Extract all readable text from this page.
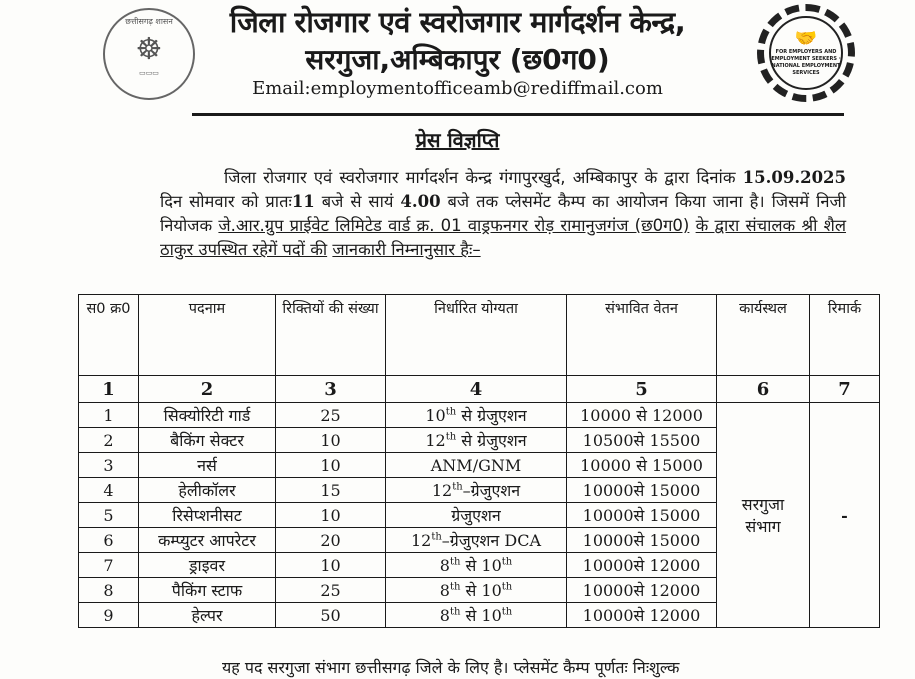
छत्तीसगढ़ शासन
☸
▭▭▭
जिला रोजगार एवं स्वरोजगार मार्गदर्शन केन्द्र,
सरगुजा,अम्बिकापुर (छ0ग0)
Email:employmentofficeamb@rediffmail.com
🤝
FOR EMPLOYERS AND EMPLOYMENT SEEKERS · NATIONAL EMPLOYMENT SERVICES
प्रेस विज्ञप्ति
जिला रोजगार एवं स्वरोजगार मार्गदर्शन केन्द्र गंगापुरखुर्द, अम्बिकापुर के द्वारा दिनांक 15.09.2025 दिन सोमवार को प्रातः11 बजे से सायं 4.00 बजे तक प्लेसमेंट कैम्प का आयोजन किया जाना है। जिसमें निजी नियोजक जे.आर.ग्रुप प्राईवेट लिमिटेड वार्ड क्र. 01 वाड्रफनगर रोड़ रामानुजगंज (छ0ग0) के द्वारा संचालक श्री शैल ठाकुर उपस्थित रहेगें पदों की जानकारी निम्नानुसार हैः–
स0 क्र0	पदनाम	रिक्तियों की संख्या	निर्धारित योग्यता	संभावित वेतन	कार्यस्थल	रिमार्क
1	2	3	4	5	6	7
1	सिक्योरिटी गार्ड	25	10th से ग्रेजुएशन	10000 से 12000	सरगुजा संभाग	-
2	बैकिंग सेक्टर	10	12th से ग्रेजुएशन	10500से 15500		
3	नर्स	10	ANM/GNM	10000 से 15000		
4	हेलीकॉलर	15	12th–ग्रेजुएशन	10000से 15000		
5	रिसेप्शनीसट	10	ग्रेजुएशन	10000से 15000		
6	कम्प्युटर आपरेटर	20	12th–ग्रेजुएशन DCA	10000से 15000		
7	ड्राइवर	10	8th से 10th	10000से 12000		
8	पैकिंग स्टाफ	25	8th से 10th	10000से 12000		
9	हेल्पर	50	8th से 10th	10000से 12000		
यह पद सरगुजा संभाग छत्तीसगढ़ जिले के लिए है। प्लेसमेंट कैम्प पूर्णतः निःशुल्क
